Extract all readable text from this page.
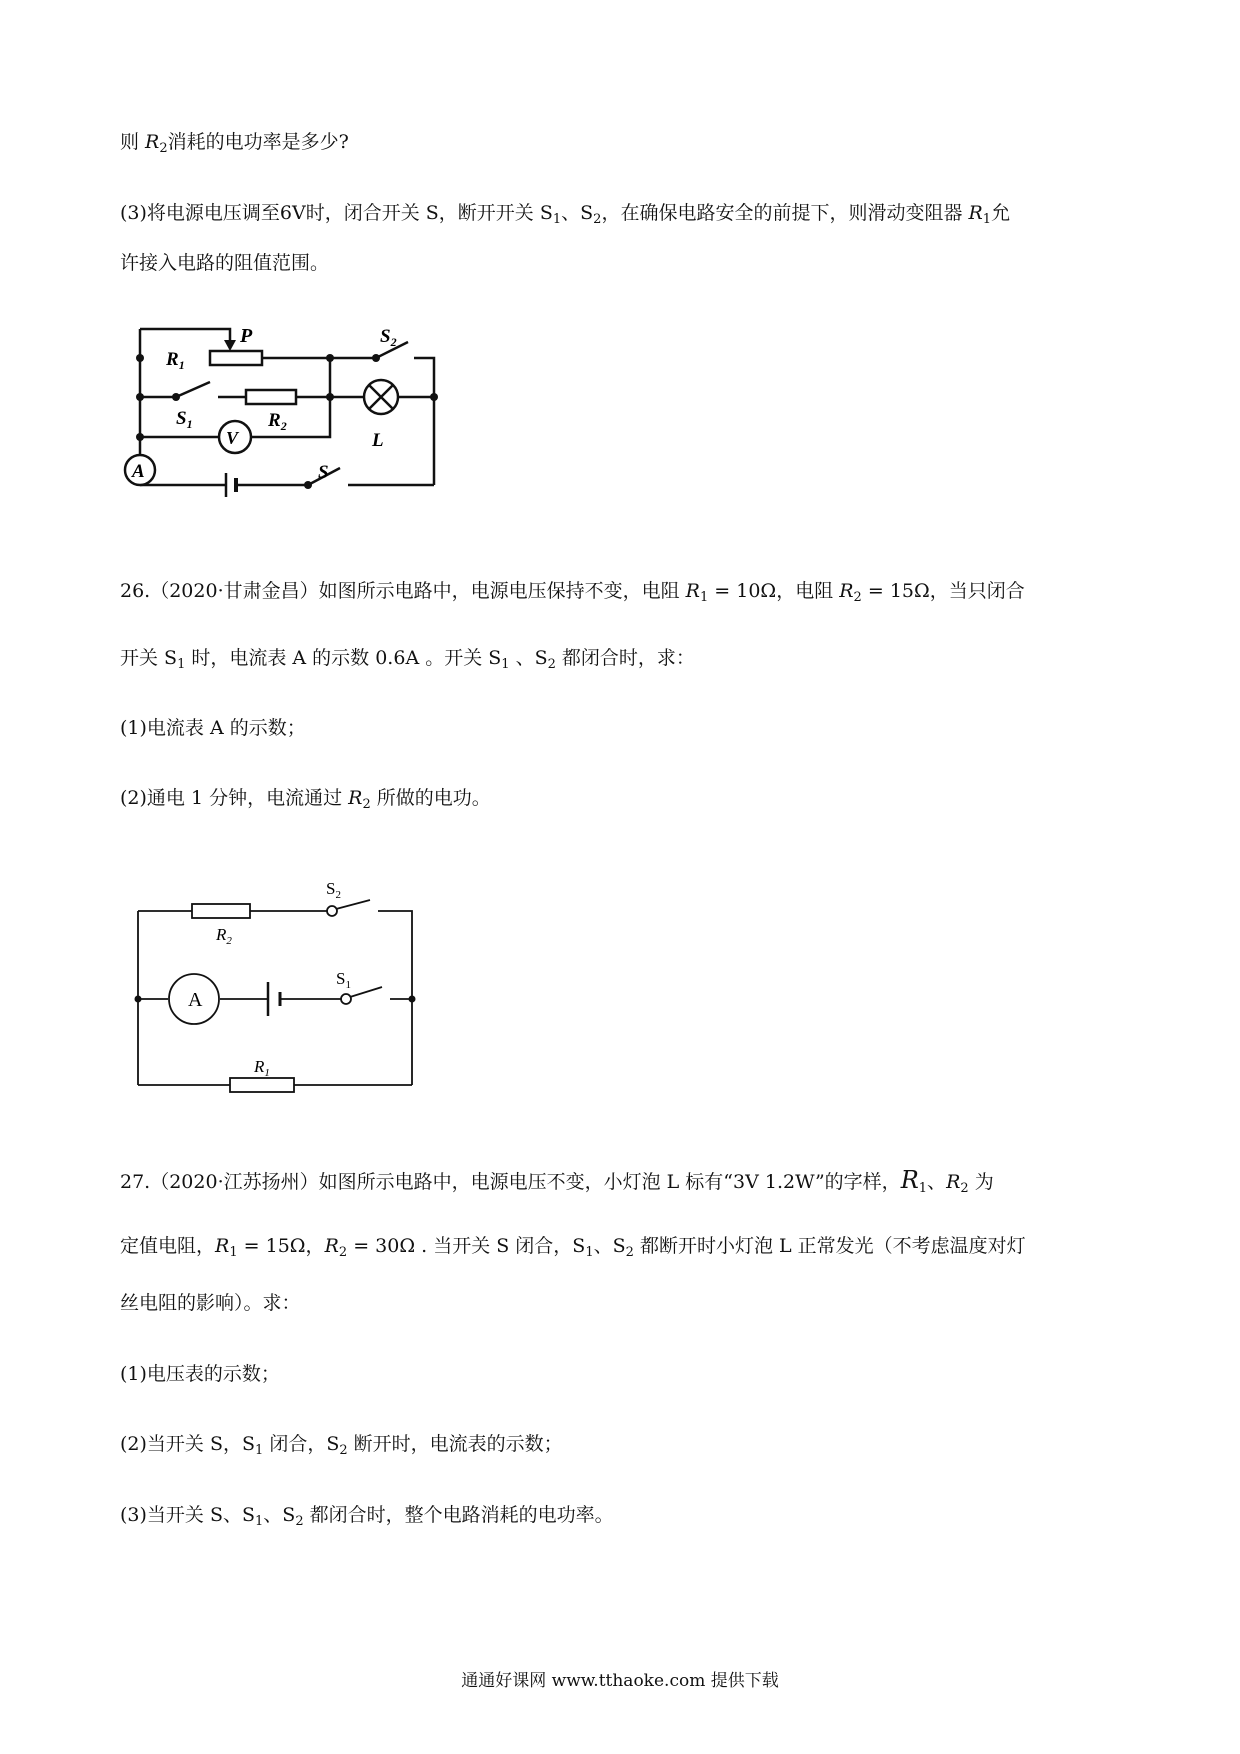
则 $R_2$消耗的电功率是多少?
(3)将电源电压调至6V时，闭合开关 S，断开开关 $S_1$、$S_2$，在确保电路安全的前提下，则滑动变阻器 $R_1$允
许接入电路的阻值范围。
A
V
P
$R_1$
$S_1$	$R_2$
$S_2$
L
S
26.（2020·甘肃金昌）如图所示电路中，电源电压保持不变，电阻 $R_1 = 10\Omega$，电阻 $R_2 = 15\Omega$，当只闭合
开关 $S_1$ 时，电流表 A 的示数 0.6A 。开关 $S_1$ 、$S_2$ 都闭合时，求：
(1)电流表 A 的示数；
(2)通电 1 分钟，电流通过 $R_2$ 所做的电功。
A
$R_2$
$S_2$
$S_1$
$R_1$
27.（2020·江苏扬州）如图所示电路中，电源电压不变，小灯泡 L 标有“3V 1.2W”的字样，$R_1$、$R_2$ 为
定值电阻，$R_1 = 15\Omega$，$R_2 = 30\Omega$ . 当开关 S 闭合，$S_1$、$S_2$ 都断开时小灯泡 L 正常发光（不考虑温度对灯
丝电阻的影响）。求：
(1)电压表的示数；
(2)当开关 S，$S_1$ 闭合，$S_2$ 断开时，电流表的示数；
(3)当开关 S、$S_1$、$S_2$ 都闭合时，整个电路消耗的电功率。
通通好课网 www.tthaoke.com 提供下载
